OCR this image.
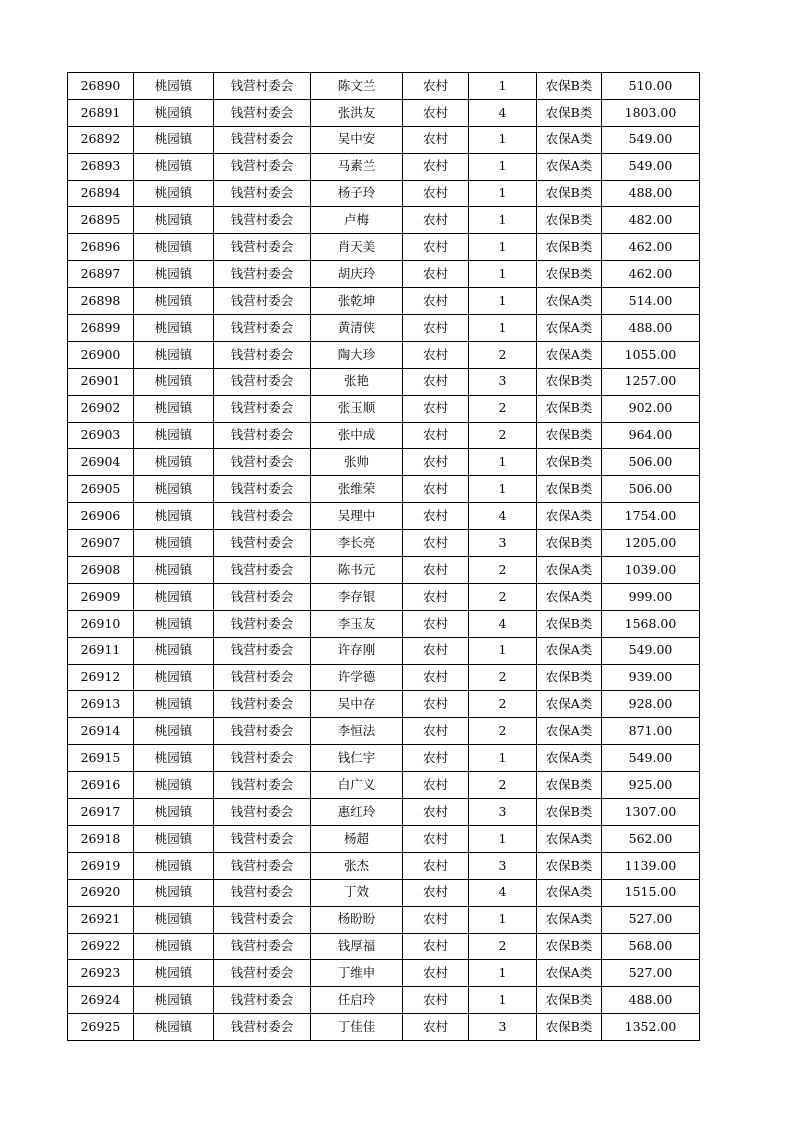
26890	桃园镇	钱营村委会	陈文兰	农村	1	农保B类	510.00
26891	桃园镇	钱营村委会	张洪友	农村	4	农保B类	1803.00
26892	桃园镇	钱营村委会	吴中安	农村	1	农保A类	549.00
26893	桃园镇	钱营村委会	马素兰	农村	1	农保A类	549.00
26894	桃园镇	钱营村委会	杨子玲	农村	1	农保B类	488.00
26895	桃园镇	钱营村委会	卢梅	农村	1	农保B类	482.00
26896	桃园镇	钱营村委会	肖天美	农村	1	农保B类	462.00
26897	桃园镇	钱营村委会	胡庆玲	农村	1	农保B类	462.00
26898	桃园镇	钱营村委会	张乾坤	农村	1	农保A类	514.00
26899	桃园镇	钱营村委会	黄清侠	农村	1	农保A类	488.00
26900	桃园镇	钱营村委会	陶大珍	农村	2	农保A类	1055.00
26901	桃园镇	钱营村委会	张艳	农村	3	农保B类	1257.00
26902	桃园镇	钱营村委会	张玉顺	农村	2	农保B类	902.00
26903	桃园镇	钱营村委会	张中成	农村	2	农保B类	964.00
26904	桃园镇	钱营村委会	张帅	农村	1	农保B类	506.00
26905	桃园镇	钱营村委会	张维荣	农村	1	农保B类	506.00
26906	桃园镇	钱营村委会	吴理中	农村	4	农保A类	1754.00
26907	桃园镇	钱营村委会	李长亮	农村	3	农保B类	1205.00
26908	桃园镇	钱营村委会	陈书元	农村	2	农保A类	1039.00
26909	桃园镇	钱营村委会	李存银	农村	2	农保A类	999.00
26910	桃园镇	钱营村委会	李玉友	农村	4	农保B类	1568.00
26911	桃园镇	钱营村委会	许存刚	农村	1	农保A类	549.00
26912	桃园镇	钱营村委会	许学德	农村	2	农保B类	939.00
26913	桃园镇	钱营村委会	吴中存	农村	2	农保A类	928.00
26914	桃园镇	钱营村委会	李恒法	农村	2	农保A类	871.00
26915	桃园镇	钱营村委会	钱仁宇	农村	1	农保A类	549.00
26916	桃园镇	钱营村委会	白广义	农村	2	农保B类	925.00
26917	桃园镇	钱营村委会	惠红玲	农村	3	农保B类	1307.00
26918	桃园镇	钱营村委会	杨超	农村	1	农保A类	562.00
26919	桃园镇	钱营村委会	张杰	农村	3	农保B类	1139.00
26920	桃园镇	钱营村委会	丁效	农村	4	农保A类	1515.00
26921	桃园镇	钱营村委会	杨盼盼	农村	1	农保A类	527.00
26922	桃园镇	钱营村委会	钱厚福	农村	2	农保B类	568.00
26923	桃园镇	钱营村委会	丁维申	农村	1	农保A类	527.00
26924	桃园镇	钱营村委会	任启玲	农村	1	农保B类	488.00
26925	桃园镇	钱营村委会	丁佳佳	农村	3	农保B类	1352.00
